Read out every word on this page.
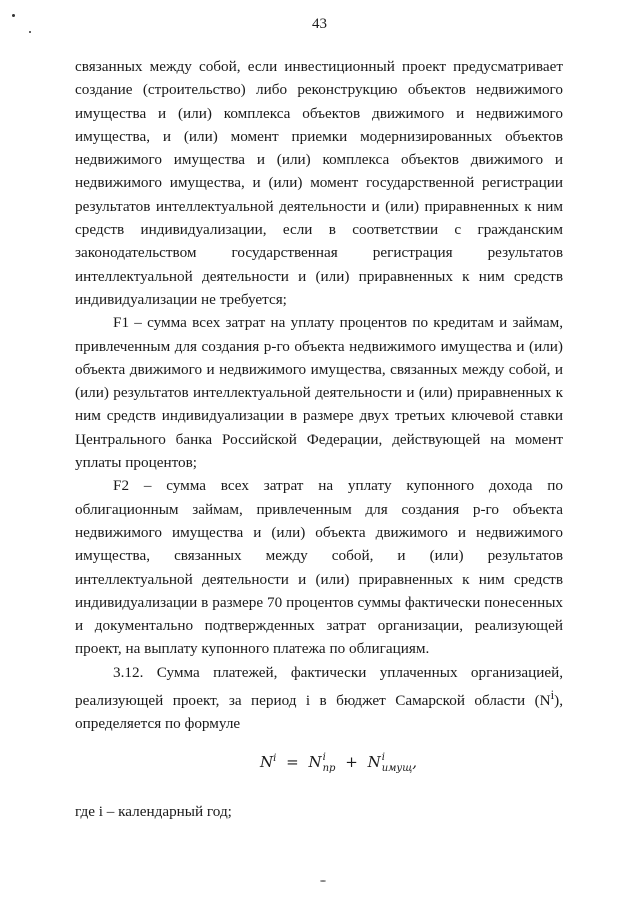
43

связанных между собой, если инвестиционный проект предусматривает создание (строительство) либо реконструкцию объектов недвижимого имущества и (или) комплекса объектов движимого и недвижимого имущества, и (или) момент приемки модернизированных объектов недвижимого имущества и (или) комплекса объектов движимого и недвижимого имущества, и (или) момент государственной регистрации результатов интеллектуальной деятельности и (или) приравненных к ним средств индивидуализации, если в соответствии с гражданским законодательством государственная регистрация результатов интеллектуальной деятельности и (или) приравненных к ним средств индивидуализации не требуется;

F1 – сумма всех затрат на уплату процентов по кредитам и займам, привлеченным для создания p-го объекта недвижимого имущества и (или) объекта движимого и недвижимого имущества, связанных между собой, и (или) результатов интеллектуальной деятельности и (или) приравненных к ним средств индивидуализации в размере двух третьих ключевой ставки Центрального банка Российской Федерации, действующей на момент уплаты процентов;

F2 – сумма всех затрат на уплату купонного дохода по облигационным займам, привлеченным для создания p-го объекта недвижимого имущества и (или) объекта движимого и недвижимого имущества, связанных между собой, и (или) результатов интеллектуальной деятельности и (или) приравненных к ним средств индивидуализации в размере 70 процентов суммы фактически понесенных и документально подтвержденных затрат организации, реализующей проект, на выплату купонного платежа по облигациям.

3.12. Сумма платежей, фактически уплаченных организацией, реализующей проект, за период i в бюджет Самарской области $(N^i)$, определяется по формуле

$N^i = N$ i
пр + N i
имущ ,
где i – календарный год;
